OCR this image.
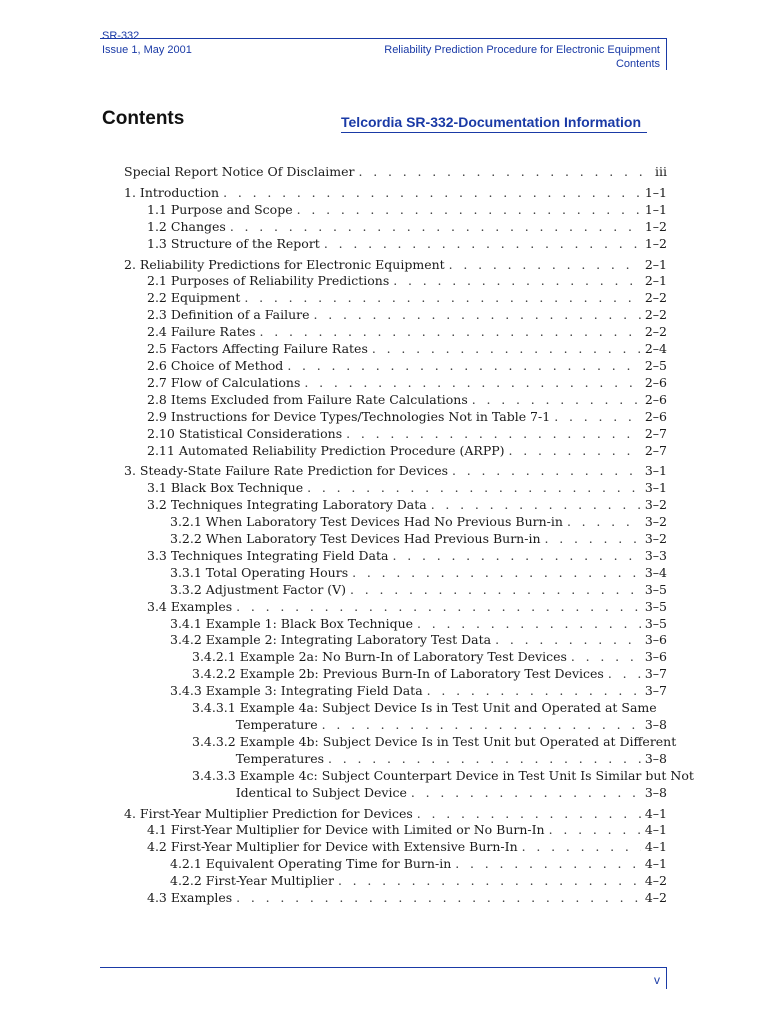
SR-332
Issue 1, May 2001	Reliability Prediction Procedure for Electronic Equipment
Contents
Contents	Telcordia SR-332-Documentation Information
Special Report Notice Of Disclaimer . . .	iii
1. Introduction . . .	1–1
1.1 Purpose and Scope . . .	1–1
1.2 Changes . . .	1–2
1.3 Structure of the Report . . .	1–2
2. Reliability Predictions for Electronic Equipment . . .	2–1
2.1 Purposes of Reliability Predictions . . .	2–1
2.2 Equipment . . .	2–2
2.3 Definition of a Failure . . .	2–2
2.4 Failure Rates . . .	2–2
2.5 Factors Affecting Failure Rates . . .	2–4
2.6 Choice of Method . . .	2–5
2.7 Flow of Calculations . . .	2–6
2.8 Items Excluded from Failure Rate Calculations . . .	2–6
2.9 Instructions for Device Types/Technologies Not in Table 7-1 . . .	2–6
2.10 Statistical Considerations . . .	2–7
2.11 Automated Reliability Prediction Procedure (ARPP) . . .	2–7
3. Steady-State Failure Rate Prediction for Devices . . .	3–1
3.1 Black Box Technique . . .	3–1
3.2 Techniques Integrating Laboratory Data . . .	3–2
3.2.1 When Laboratory Test Devices Had No Previous Burn-in . . .	3–2
3.2.2 When Laboratory Test Devices Had Previous Burn-in . . .	3–2
3.3 Techniques Integrating Field Data . . .	3–3
3.3.1 Total Operating Hours . . .	3–4
3.3.2 Adjustment Factor (V) . . .	3–5
3.4 Examples . . .	3–5
3.4.1 Example 1: Black Box Technique . . .	3–5
3.4.2 Example 2: Integrating Laboratory Test Data . . .	3–6
3.4.2.1 Example 2a: No Burn-In of Laboratory Test Devices . . .	3–6
3.4.2.2 Example 2b: Previous Burn-In of Laboratory Test Devices . . .	3–7
3.4.3 Example 3: Integrating Field Data . . .	3–7
3.4.3.1 Example 4a: Subject Device Is in Test Unit and Operated at Same
Temperature . . .	3–8
3.4.3.2 Example 4b: Subject Device Is in Test Unit but Operated at Different
Temperatures . . .	3–8
3.4.3.3 Example 4c: Subject Counterpart Device in Test Unit Is Similar but Not
Identical to Subject Device . . .	3–8
4. First-Year Multiplier Prediction for Devices . . .	4–1
4.1 First-Year Multiplier for Device with Limited or No Burn-In . . .	4–1
4.2 First-Year Multiplier for Device with Extensive Burn-In . . .	4–1
4.2.1 Equivalent Operating Time for Burn-in . . .	4–1
4.2.2 First-Year Multiplier . . .	4–2
4.3 Examples . . .	4–2
v
